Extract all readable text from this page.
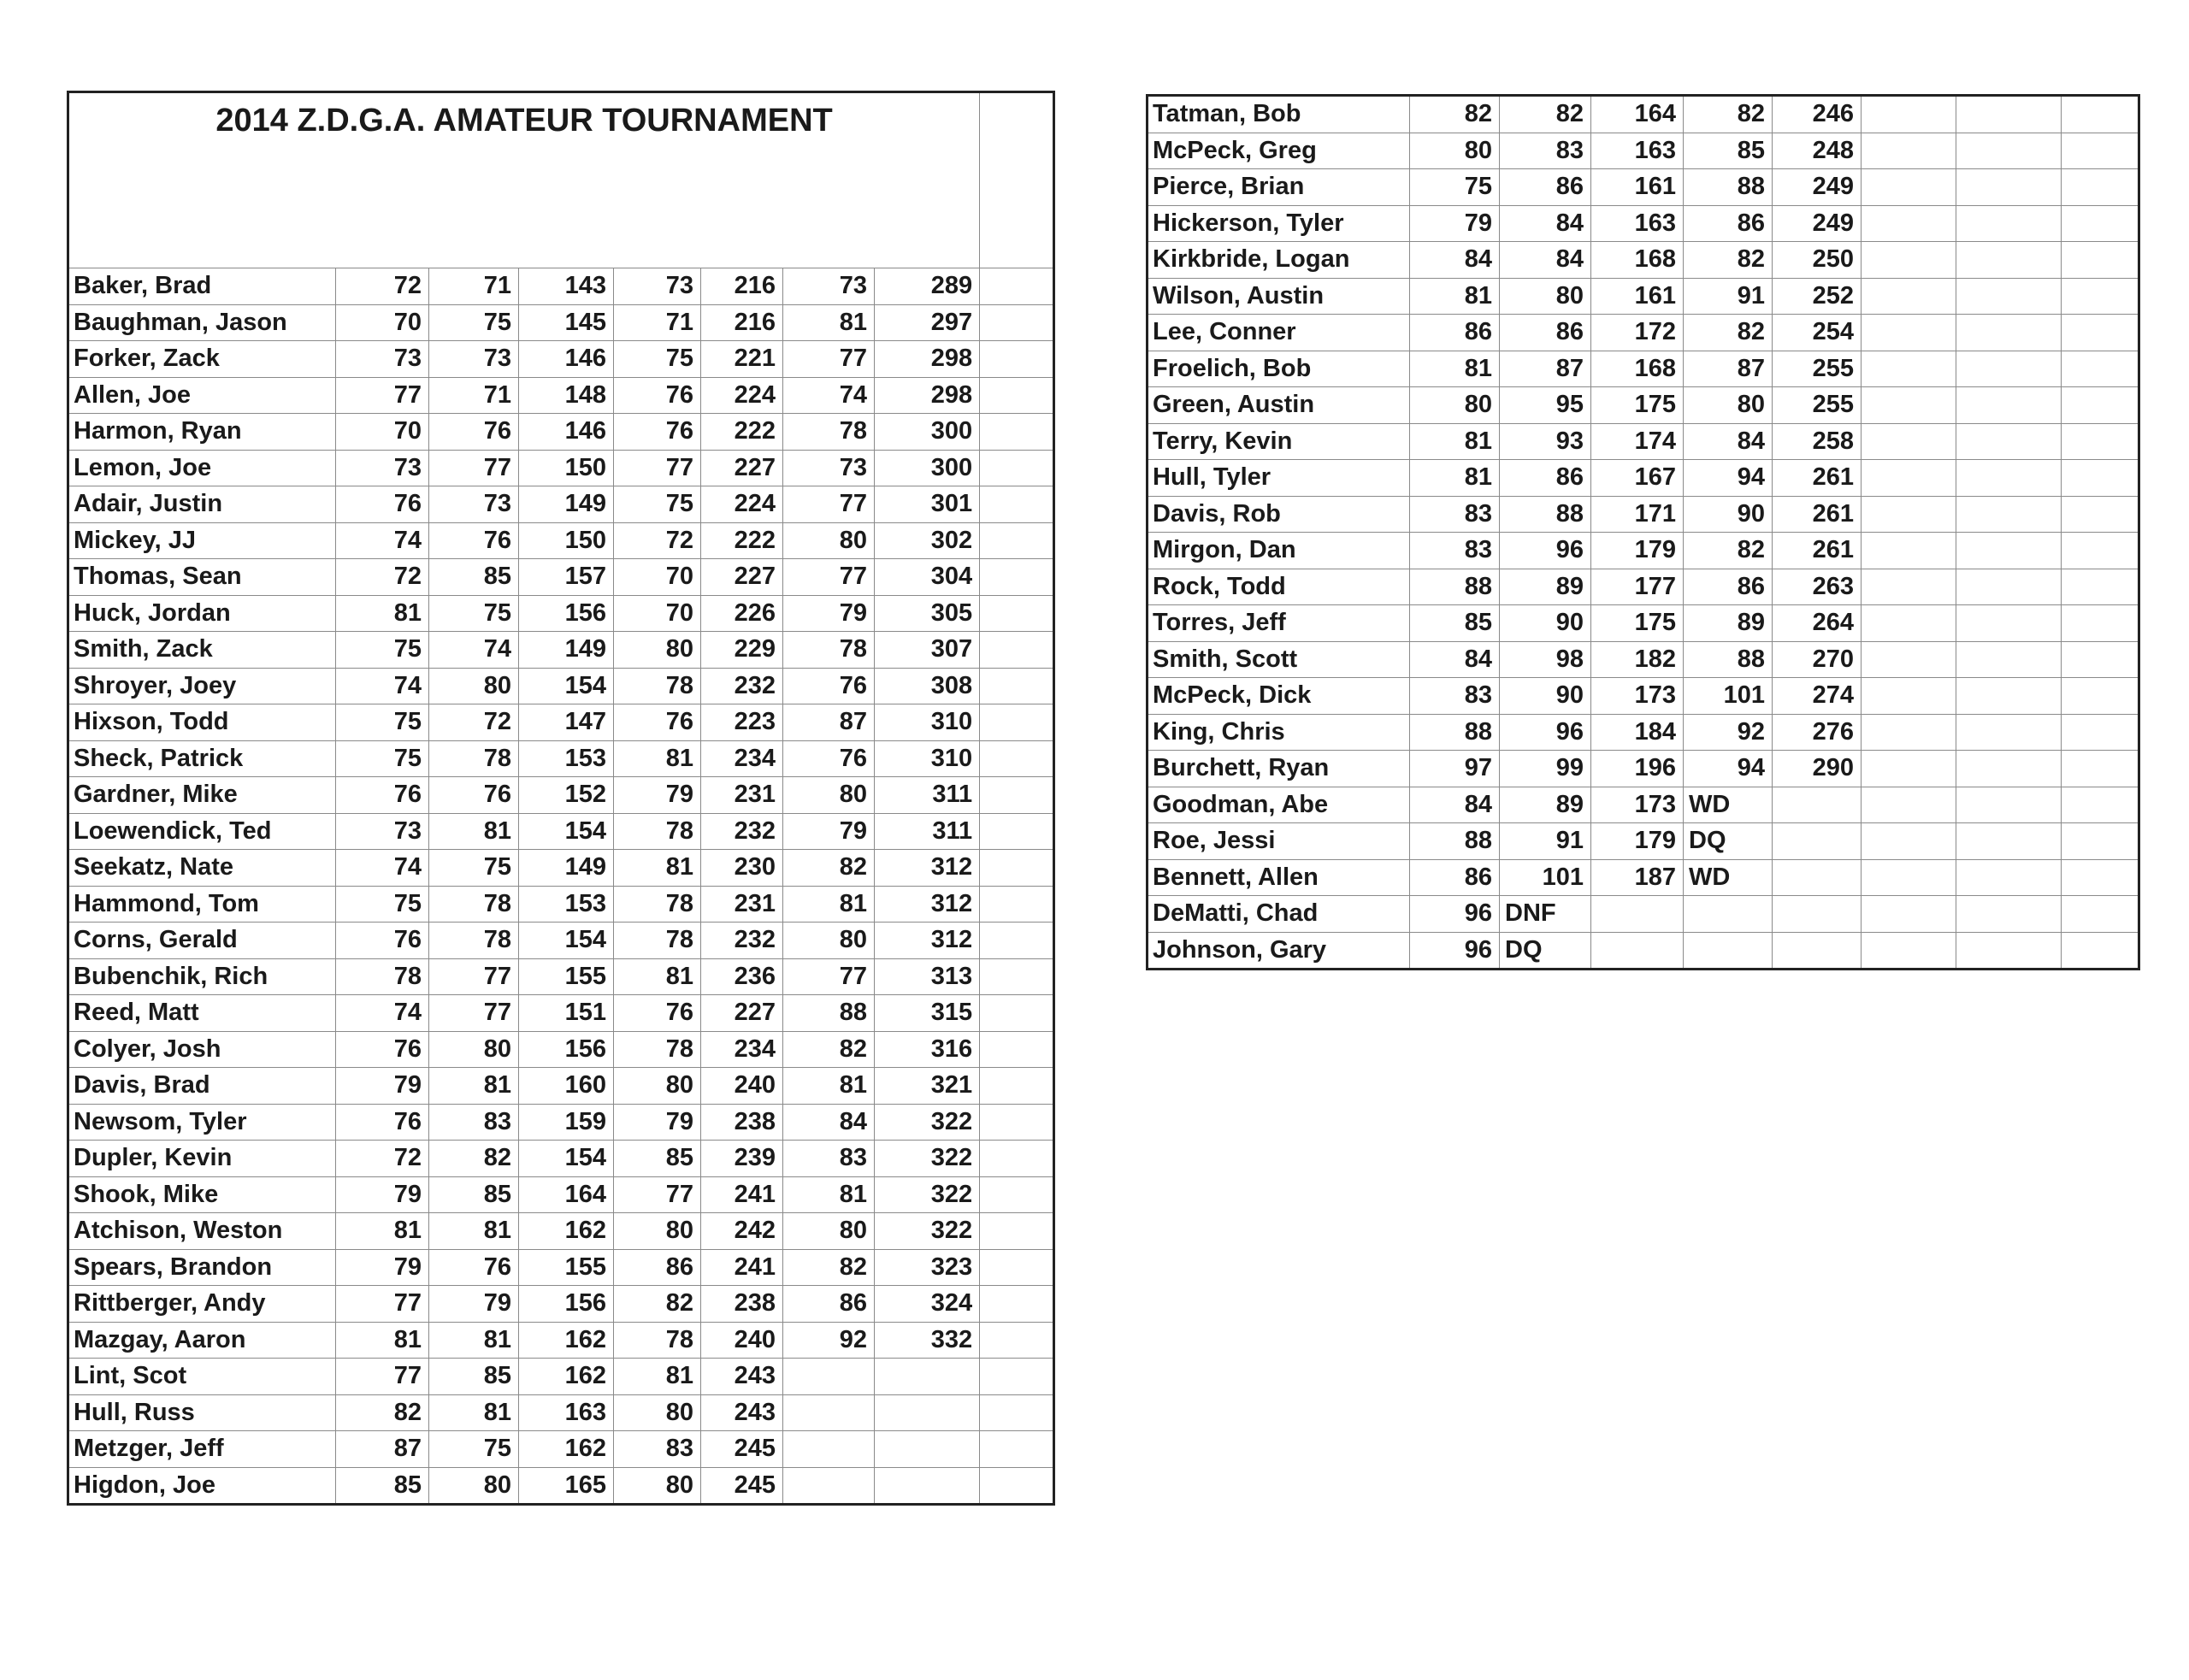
2014 Z.D.G.A. AMATEUR TOURNAMENT								
Baker, Brad	72	71	143	73	216	73	289	
Baughman, Jason	70	75	145	71	216	81	297	
Forker, Zack	73	73	146	75	221	77	298	
Allen, Joe	77	71	148	76	224	74	298	
Harmon, Ryan	70	76	146	76	222	78	300	
Lemon, Joe	73	77	150	77	227	73	300	
Adair, Justin	76	73	149	75	224	77	301	
Mickey, JJ	74	76	150	72	222	80	302	
Thomas, Sean	72	85	157	70	227	77	304	
Huck, Jordan	81	75	156	70	226	79	305	
Smith, Zack	75	74	149	80	229	78	307	
Shroyer, Joey	74	80	154	78	232	76	308	
Hixson, Todd	75	72	147	76	223	87	310	
Sheck, Patrick	75	78	153	81	234	76	310	
Gardner, Mike	76	76	152	79	231	80	311	
Loewendick, Ted	73	81	154	78	232	79	311	
Seekatz, Nate	74	75	149	81	230	82	312	
Hammond, Tom	75	78	153	78	231	81	312	
Corns, Gerald	76	78	154	78	232	80	312	
Bubenchik, Rich	78	77	155	81	236	77	313	
Reed, Matt	74	77	151	76	227	88	315	
Colyer, Josh	76	80	156	78	234	82	316	
Davis, Brad	79	81	160	80	240	81	321	
Newsom, Tyler	76	83	159	79	238	84	322	
Dupler, Kevin	72	82	154	85	239	83	322	
Shook, Mike	79	85	164	77	241	81	322	
Atchison, Weston	81	81	162	80	242	80	322	
Spears, Brandon	79	76	155	86	241	82	323	
Rittberger, Andy	77	79	156	82	238	86	324	
Mazgay, Aaron	81	81	162	78	240	92	332	
Lint, Scot	77	85	162	81	243			
Hull, Russ	82	81	163	80	243			
Metzger, Jeff	87	75	162	83	245			
Higdon, Joe	85	80	165	80	245			
Tatman, Bob	82	82	164	82	246			
McPeck, Greg	80	83	163	85	248			
Pierce, Brian	75	86	161	88	249			
Hickerson, Tyler	79	84	163	86	249			
Kirkbride, Logan	84	84	168	82	250			
Wilson, Austin	81	80	161	91	252			
Lee, Conner	86	86	172	82	254			
Froelich, Bob	81	87	168	87	255			
Green, Austin	80	95	175	80	255			
Terry, Kevin	81	93	174	84	258			
Hull, Tyler	81	86	167	94	261			
Davis, Rob	83	88	171	90	261			
Mirgon, Dan	83	96	179	82	261			
Rock, Todd	88	89	177	86	263			
Torres, Jeff	85	90	175	89	264			
Smith, Scott	84	98	182	88	270			
McPeck, Dick	83	90	173	101	274			
King, Chris	88	96	184	92	276			
Burchett, Ryan	97	99	196	94	290			
Goodman, Abe	84	89	173	WD				
Roe, Jessi	88	91	179	DQ				
Bennett, Allen	86	101	187	WD				
DeMatti, Chad	96	DNF						
Johnson, Gary	96	DQ						
